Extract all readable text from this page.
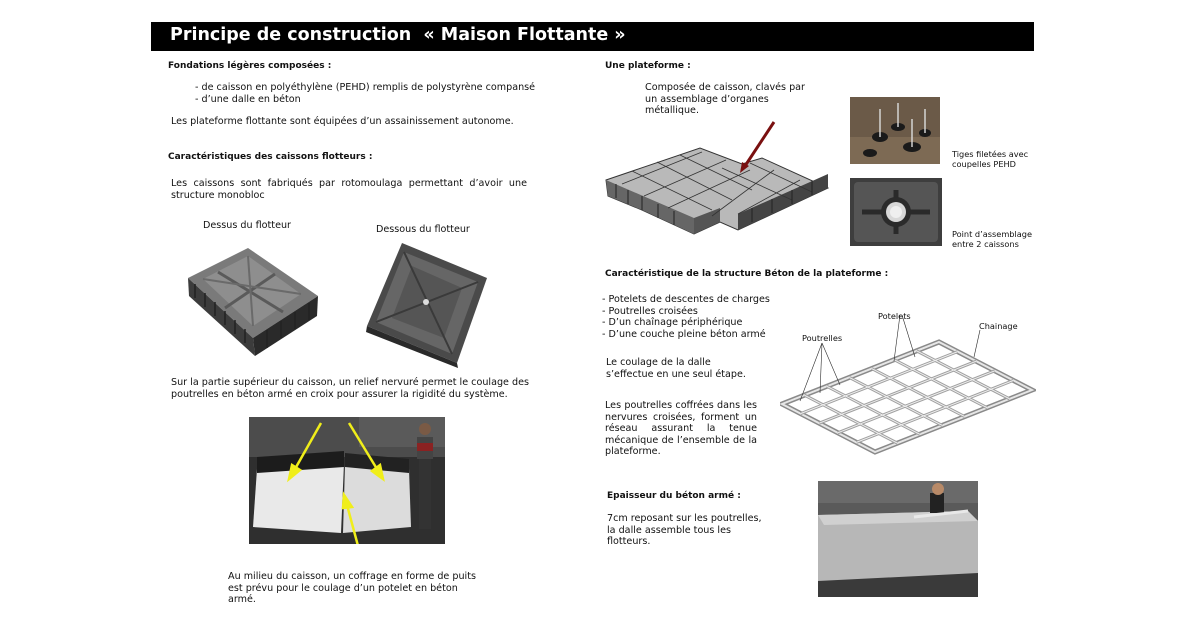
Principe de construction  « Maison Flottante »
Fondations légères composées :
- de caisson en polyéthylène (PEHD) remplis de polystyrène compansé
- d’une dalle en béton
Les plateforme flottante sont équipées d’un assainissement autonome.
Caractéristiques des caissons flotteurs :
Les caissons sont fabriqués par rotomoulaga permettant d’avoir une structure monobloc
Dessus du flotteur	Dessous du flotteur
Sur la partie supérieur du caisson, un relief nervuré permet le coulage des poutrelles en béton armé en croix pour assurer la rigidité du système.
Au milieu du caisson, un coffrage en forme de puits est prévu pour le coulage d’un potelet en béton armé.
Une plateforme :
Composée de caisson, clavés par un assemblage d’organes métallique.
Tiges filetées avec coupelles PEHD
Point d’assemblage entre 2 caissons
Caractéristique de la structure Béton de la plateforme :
- Potelets de descentes de charges
- Poutrelles croisées
- D’un chaînage périphérique
- D’une couche pleine béton armé
Le coulage de la dalle s’effectue en une seul étape.
Les poutrelles coffrées dans les nervures croisées, forment un réseau assurant la tenue mécanique de l’ensemble de la plateforme.
Potelets
Chainage
Poutrelles
Epaisseur du béton armé :
7cm reposant sur les poutrelles, la dalle assemble tous les flotteurs.
